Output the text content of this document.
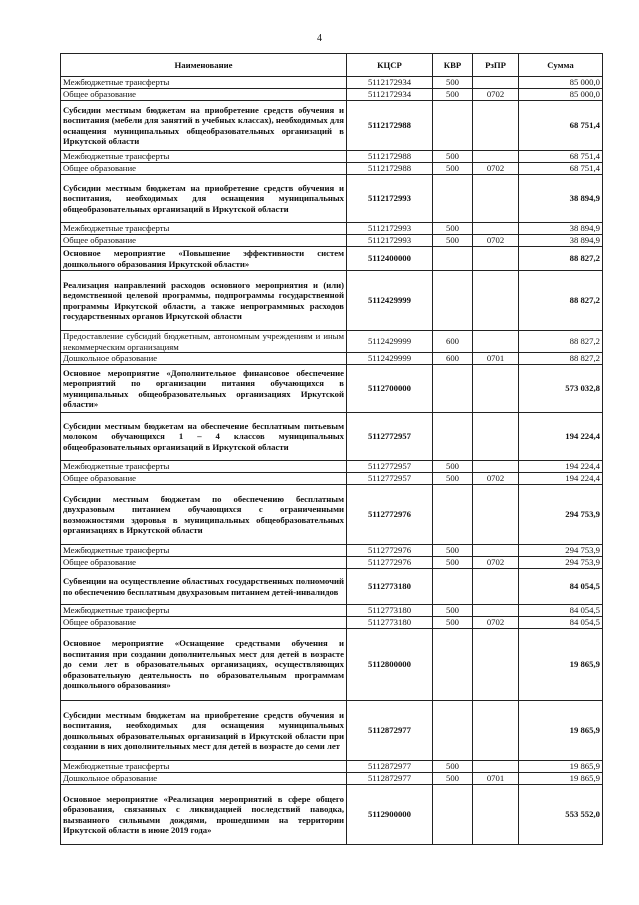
4
Наименование	КЦСР	КВР	РзПР	Сумма
Межбюджетные трансферты	5112172934	500		85 000,0
Общее образование	5112172934	500	0702	85 000,0
Субсидии местным бюджетам на приобретение средств обучения и воспитания (мебели для занятий в учебных классах), необходимых для оснащения муниципальных общеобразовательных организаций в Иркутской области	5112172988			68 751,4
Межбюджетные трансферты	5112172988	500		68 751,4
Общее образование	5112172988	500	0702	68 751,4
Субсидии местным бюджетам на приобретение средств обучения и воспитания, необходимых для оснащения муниципальных общеобразовательных организаций в Иркутской области	5112172993			38 894,9
Межбюджетные трансферты	5112172993	500		38 894,9
Общее образование	5112172993	500	0702	38 894,9
Основное мероприятие «Повышение эффективности систем дошкольного образования Иркутской области»	5112400000			88 827,2
Реализация направлений расходов основного мероприятия и (или) ведомственной целевой программы, подпрограммы государственной программы Иркутской области, а также непрограммных расходов государственных органов Иркутской области	5112429999			88 827,2
Предоставление субсидий бюджетным, автономным учреждениям и иным некоммерческим организациям	5112429999	600		88 827,2
Дошкольное образование	5112429999	600	0701	88 827,2
Основное мероприятие «Дополнительное финансовое обеспечение мероприятий по организации питания обучающихся в муниципальных общеобразовательных организациях Иркутской области»	5112700000			573 032,8
Субсидии местным бюджетам на обеспечение бесплатным питьевым молоком обучающихся 1 – 4 классов муниципальных общеобразовательных организаций в Иркутской области	5112772957			194 224,4
Межбюджетные трансферты	5112772957	500		194 224,4
Общее образование	5112772957	500	0702	194 224,4
Субсидии местным бюджетам по обеспечению бесплатным двухразовым питанием обучающихся с ограниченными возможностями здоровья в муниципальных общеобразовательных организациях в Иркутской области	5112772976			294 753,9
Межбюджетные трансферты	5112772976	500		294 753,9
Общее образование	5112772976	500	0702	294 753,9
Субвенции на осуществление областных государственных полномочий по обеспечению бесплатным двухразовым питанием детей-инвалидов	5112773180			84 054,5
Межбюджетные трансферты	5112773180	500		84 054,5
Общее образование	5112773180	500	0702	84 054,5
Основное мероприятие «Оснащение средствами обучения и воспитания при создании дополнительных мест для детей в возрасте до семи лет в образовательных организациях, осуществляющих образовательную деятельность по образовательным программам дошкольного образования»	5112800000			19 865,9
Субсидии местным бюджетам на приобретение средств обучения и воспитания, необходимых для оснащения муниципальных дошкольных образовательных организаций в Иркутской области при создании в них дополнительных мест для детей в возрасте до семи лет	5112872977			19 865,9
Межбюджетные трансферты	5112872977	500		19 865,9
Дошкольное образование	5112872977	500	0701	19 865,9
Основное мероприятие «Реализация мероприятий в сфере общего образования, связанных с ликвидацией последствий паводка, вызванного сильными дождями, прошедшими на территории Иркутской области в июне 2019 года»	5112900000			553 552,0
